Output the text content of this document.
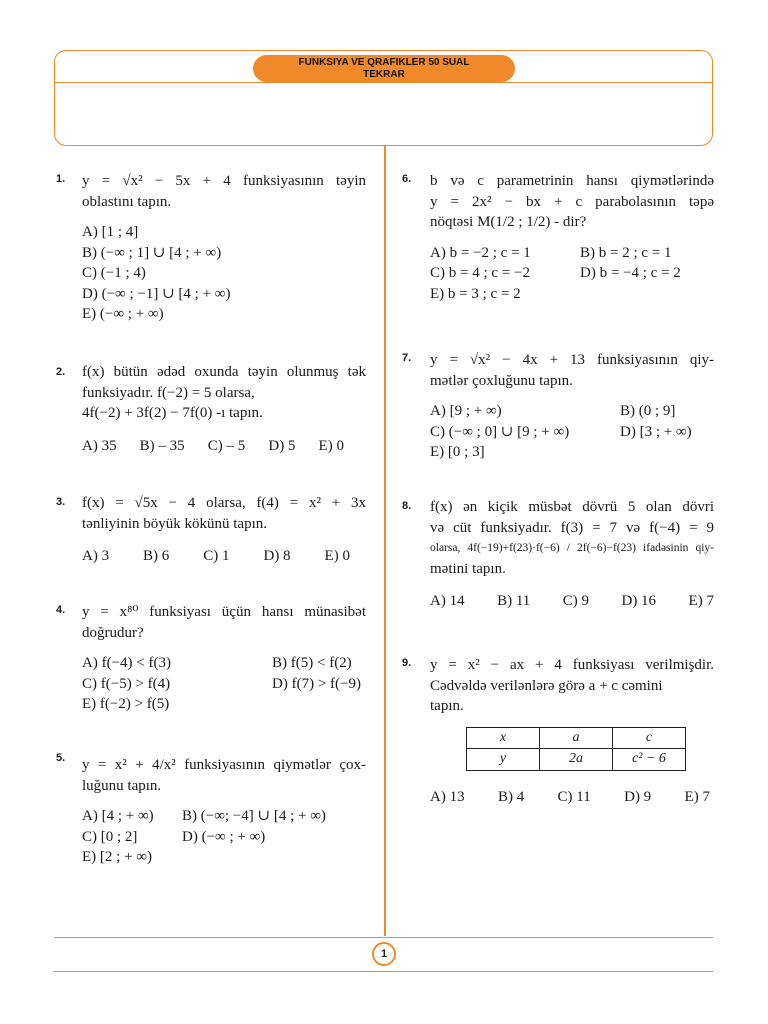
FUNKSIYA VE QRAFIKLER 50 SUAL
TEKRAR
1. y = √x² − 5x + 4 funksiyasının təyin
oblastını tapın.
A) [1 ; 4]
B) (−∞ ; 1] ∪ [4 ; + ∞)
C) (−1 ; 4)
D) (−∞ ; −1] ∪ [4 ; + ∞)
E) (−∞ ; + ∞)
2. f(x) bütün ədəd oxunda təyin olunmuş tək
funksiyadır. f(−2) = 5 olarsa,
4f(−2) + 3f(2) − 7f(0) -ı tapın.
A) 35 B) – 35 C) – 5 D) 5 E) 0
3. f(x) = √5x − 4 olarsa, f(4) = x² + 3x
tənliyinin böyük kökünü tapın.
A) 3 B) 6 C) 1 D) 8 E) 0
4. y = x⁸⁰ funksiyası üçün hansı münasibət
doğrudur?
A) f(−4) < f(3)	B) f(5) < f(2)
C) f(−5) > f(4)	D) f(7) > f(−9)
E) f(−2) > f(5)
5. y = x² + 4/x² funksiyasının qiymətlər çox-
luğunu tapın.
A) [4 ; + ∞)	B) (−∞; −4] ∪ [4 ; + ∞)
C) [0 ; 2]	D) (−∞ ; + ∞)
E) [2 ; + ∞)
6. b və c parametrinin hansı qiymətlərində
y = 2x² − bx + c parabolasının təpə
nöqtəsi M(1/2 ; 1/2) - dir?
A) b = −2 ; c = 1	B) b = 2 ; c = 1
C) b = 4 ; c = −2	D) b = −4 ; c = 2
E) b = 3 ; c = 2
7. y = √x² − 4x + 13 funksiyasının qiy-
mətlər çoxluğunu tapın.
A) [9 ; + ∞)	B) (0 ; 9]
C) (−∞ ; 0] ∪ [9 ; + ∞)	D) [3 ; + ∞)
E) [0 ; 3]
8. f(x) ən kiçik müsbət dövrü 5 olan dövri
və cüt funksiyadır. f(3) = 7 və f(−4) = 9
olarsa, 4f(−19)+f(23)·f(−6) / 2f(−6)−f(23) ifadəsinin qiy-
mətini tapın.
A) 14 B) 11 C) 9 D) 16 E) 7
9. y = x² − ax + 4 funksiyası verilmişdir.
Cədvəldə verilənlərə görə a + c cəmini
tapın.
x	a	c
y	2a	c² − 6
A) 13 B) 4 C) 11 D) 9 E) 7
1
